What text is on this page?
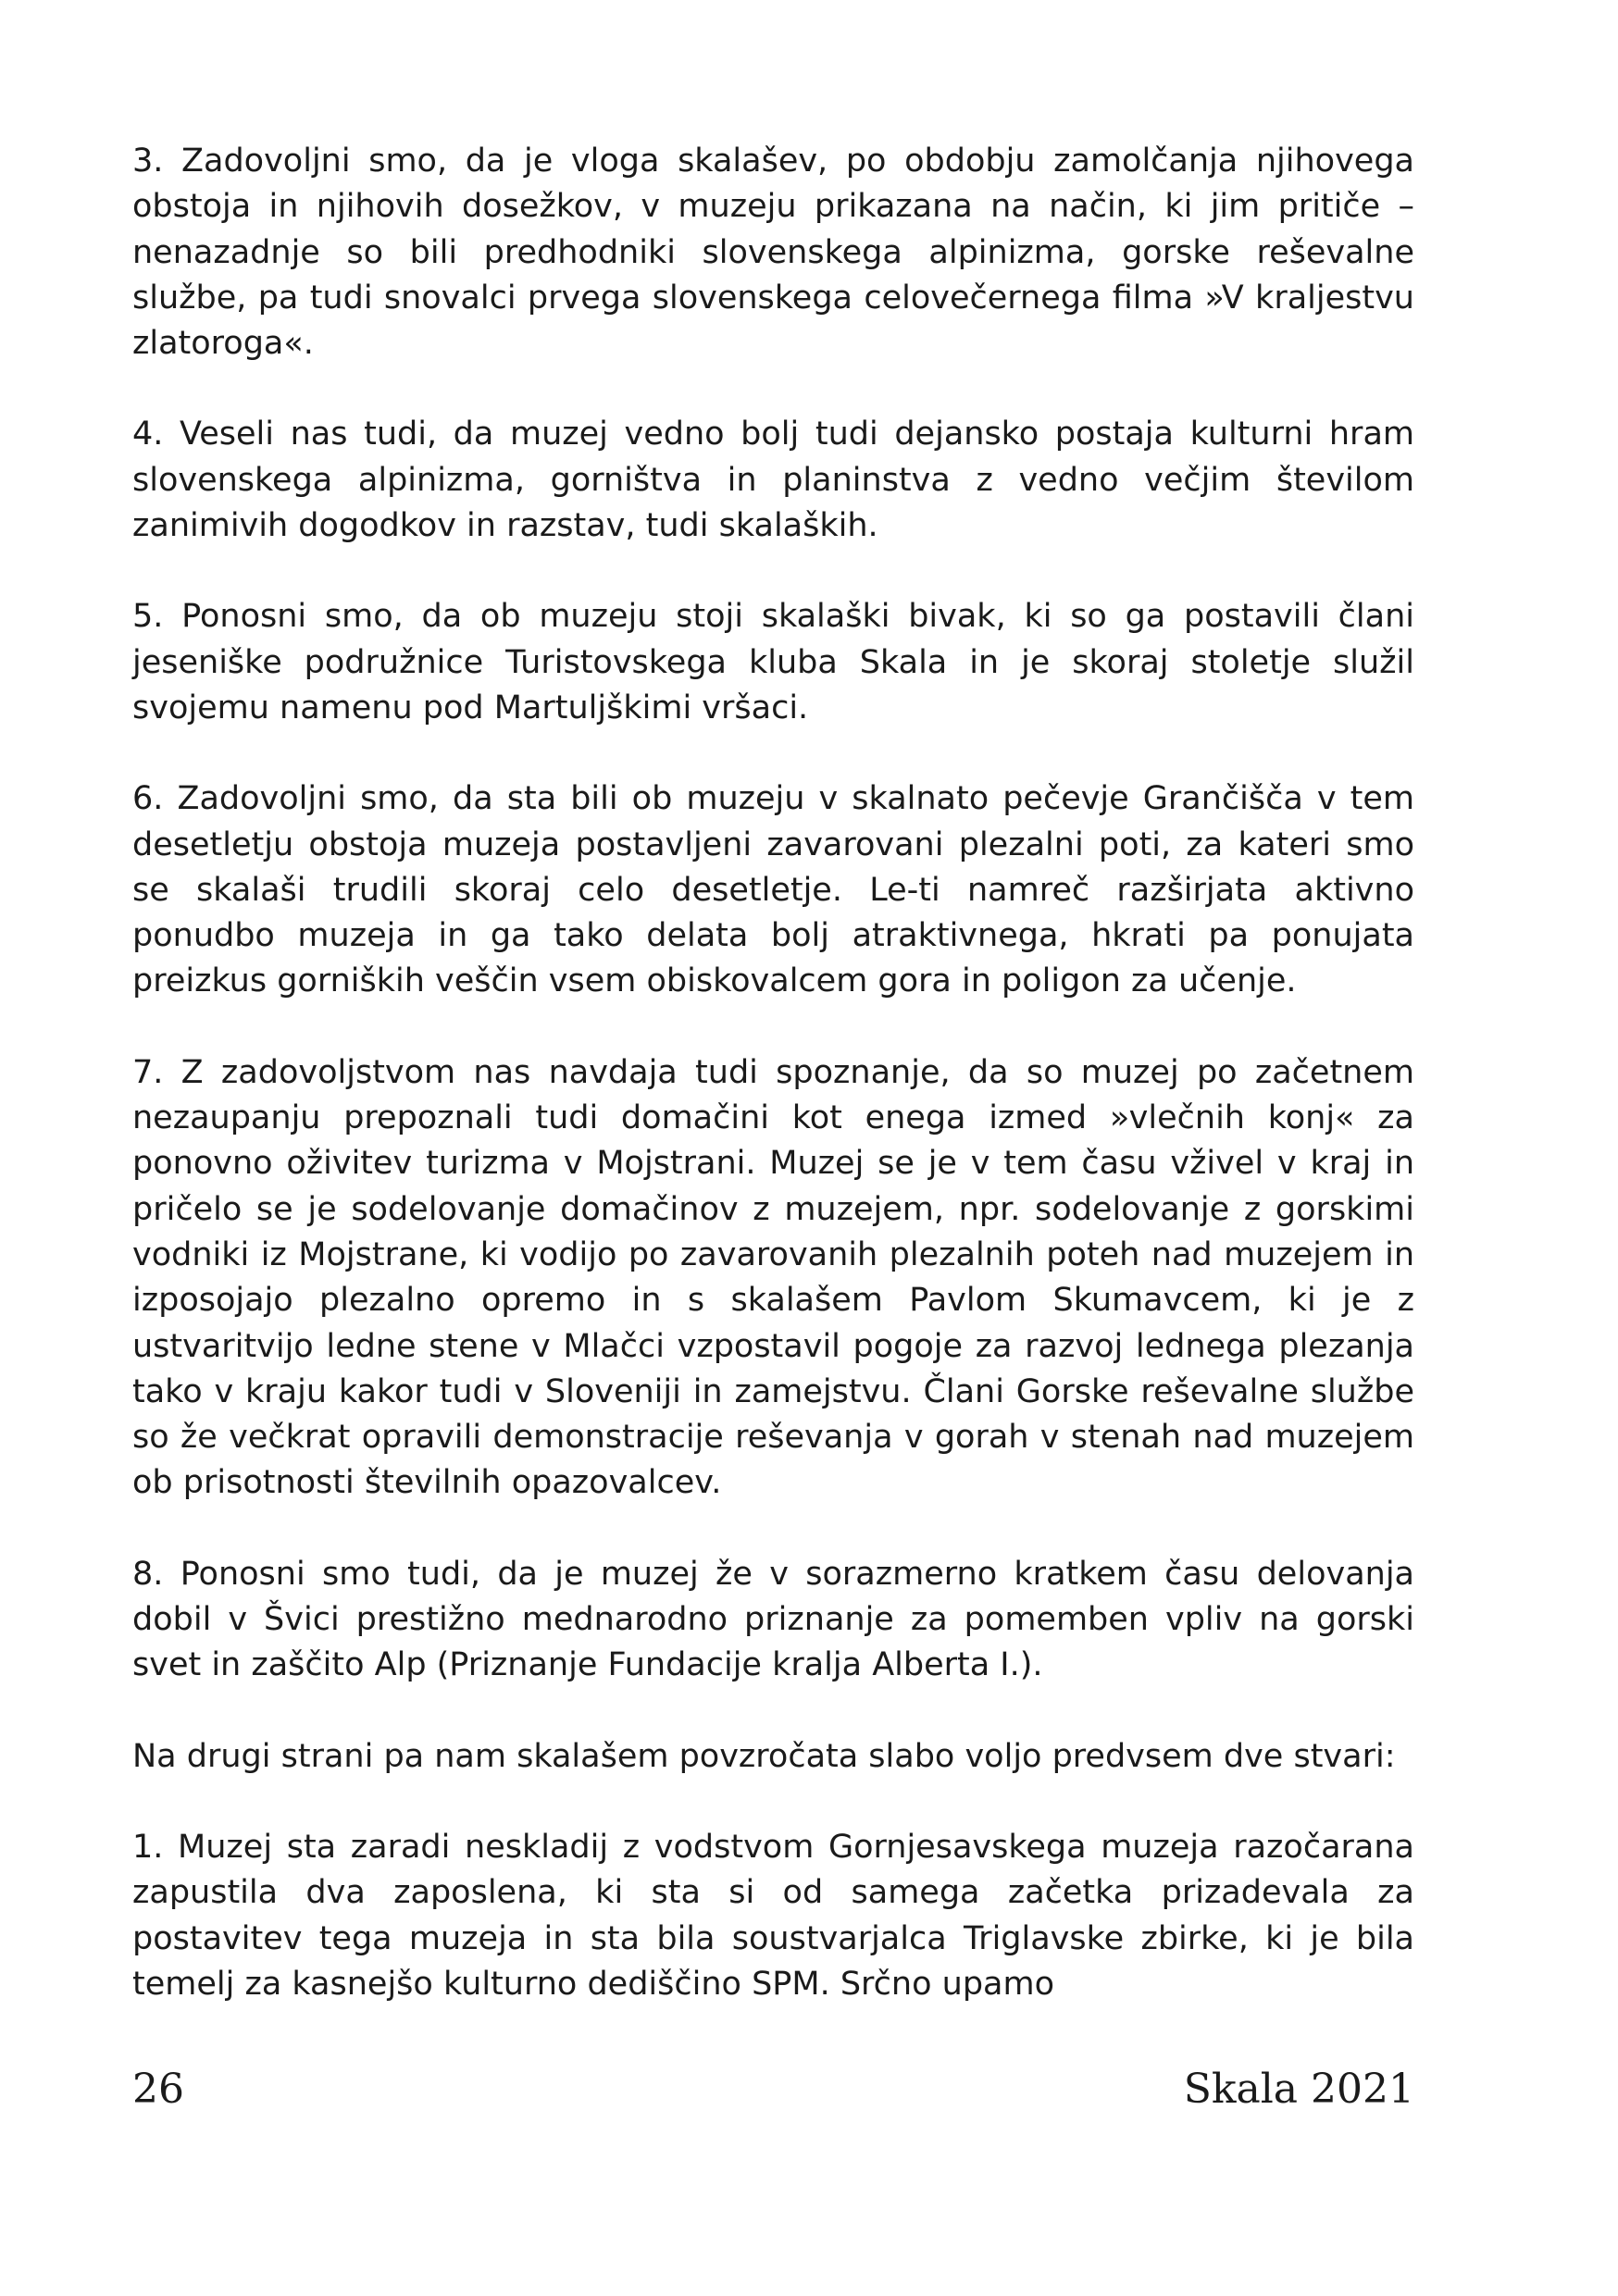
3. Zadovoljni smo, da je vloga skalašev, po obdobju zamolčanja njihovega obstoja in njihovih dosežkov, v muzeju prikazana na način, ki jim pritiče – nenazadnje so bili predhodniki slovenskega alpinizma, gorske reševalne službe, pa tudi snovalci prvega slovenskega celovečernega filma »V kraljestvu zlatoroga«.

4. Veseli nas tudi, da muzej vedno bolj tudi dejansko postaja kulturni hram slovenskega alpinizma, gorništva in planinstva z vedno večjim številom zanimivih dogodkov in razstav, tudi skalaških.

5. Ponosni smo, da ob muzeju stoji skalaški bivak, ki so ga postavili člani jeseniške podružnice Turistovskega kluba Skala in je skoraj stoletje služil svojemu namenu pod Martuljškimi vršaci.

6. Zadovoljni smo, da sta bili ob muzeju v skalnato pečevje Grančišča v tem desetletju obstoja muzeja postavljeni zavarovani plezalni poti, za kateri smo se skalaši trudili skoraj celo desetletje. Le-ti namreč razširjata aktivno ponudbo muzeja in ga tako delata bolj atraktivnega, hkrati pa ponujata preizkus gorniških veščin vsem obiskovalcem gora in poligon za učenje.

7. Z zadovoljstvom nas navdaja tudi spoznanje, da so muzej po začetnem nezaupanju prepoznali tudi domačini kot enega izmed »vlečnih konj« za ponovno oživitev turizma v Mojstrani. Muzej se je v tem času vživel v kraj in pričelo se je sodelovanje domačinov z muzejem, npr. sodelovanje z gorskimi vodniki iz Mojstrane, ki vodijo po zavarovanih plezalnih poteh nad muzejem in izposojajo plezalno opremo in s skalašem Pavlom Skumavcem, ki je z ustvaritvijo ledne stene v Mlačci vzpostavil pogoje za razvoj lednega plezanja tako v kraju kakor tudi v Sloveniji in zamejstvu. Člani Gorske reševalne službe so že večkrat opravili demonstracije reševanja v gorah v stenah nad muzejem ob prisotnosti številnih opazovalcev.

8. Ponosni smo tudi, da je muzej že v sorazmerno kratkem času delovanja dobil v Švici prestižno mednarodno priznanje za pomemben vpliv na gorski svet in zaščito Alp (Priznanje Fundacije kralja Alberta I.).

Na drugi strani pa nam skalašem povzročata slabo voljo predvsem dve stvari:

1. Muzej sta zaradi neskladij z vodstvom Gornjesavskega muzeja razočarana zapustila dva zaposlena, ki sta si od samega začetka prizadevala za postavitev tega muzeja in sta bila soustvarjalca Triglavske zbirke, ki je bila temelj za kasnejšo kulturno dediščino SPM. Srčno upamo

26	Skala 2021
